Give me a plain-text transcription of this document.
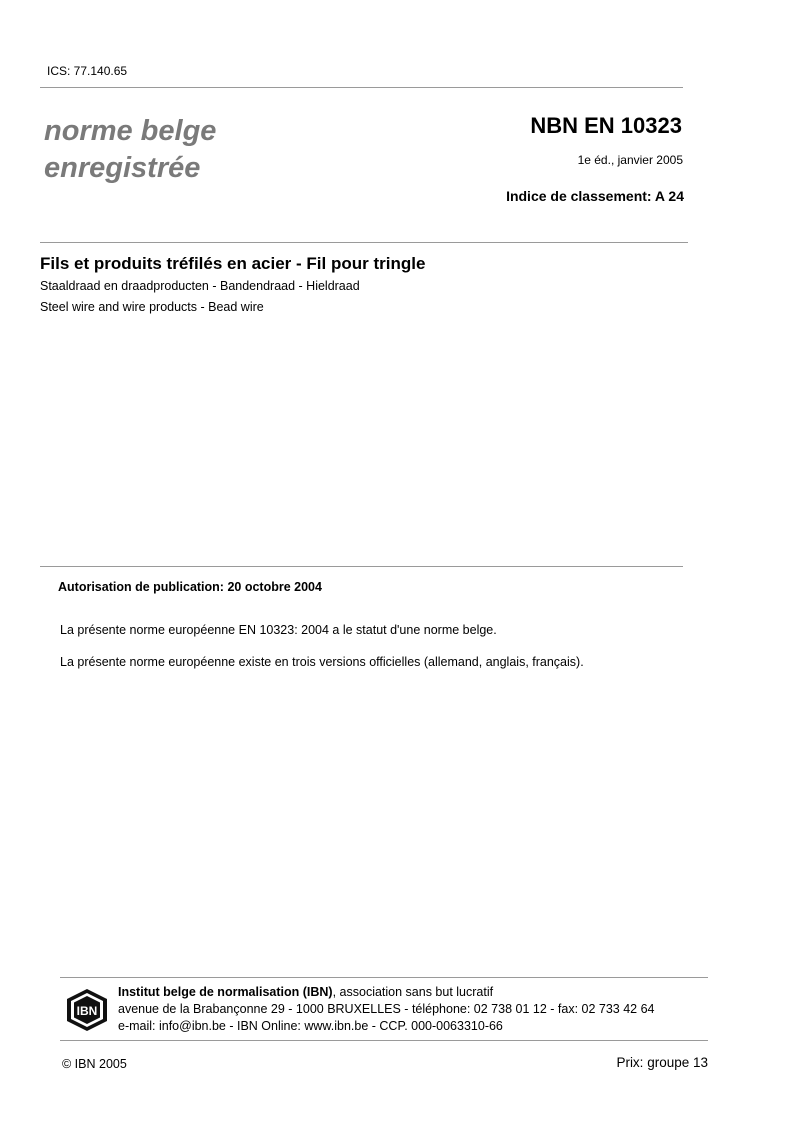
ICS: 77.140.65
norme belge
enregistrée
NBN EN 10323
1e éd., janvier 2005
Indice de classement: A 24
Fils et produits tréfilés en acier - Fil pour tringle
Staaldraad en draadproducten - Bandendraad - Hieldraad
Steel wire and wire products - Bead wire
Autorisation de publication: 20 octobre 2004
La présente norme européenne EN 10323: 2004 a le statut d'une norme belge.
La présente norme européenne existe en trois versions officielles (allemand, anglais, français).
IBN
Institut belge de normalisation (IBN), association sans but lucratif
avenue de la Brabançonne 29 - 1000 BRUXELLES - téléphone: 02 738 01 12 - fax: 02 733 42 64
e-mail: info@ibn.be - IBN Online: www.ibn.be - CCP. 000-0063310-66
© IBN 2005	Prix: groupe 13
